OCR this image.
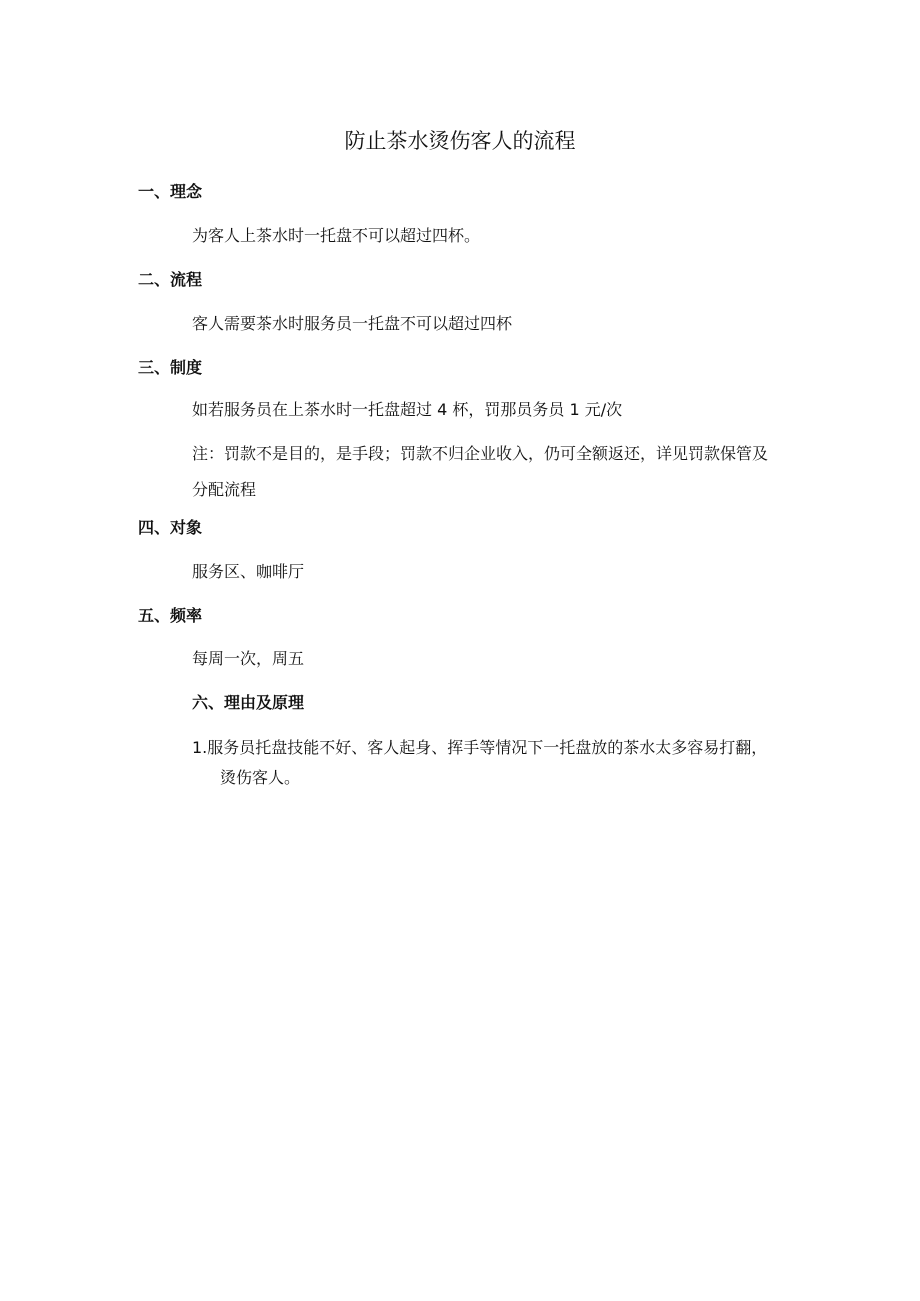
防止茶水烫伤客人的流程
一、理念

为客人上茶水时一托盘不可以超过四杯。

二、流程

客人需要茶水时服务员一托盘不可以超过四杯

三、制度

如若服务员在上茶水时一托盘超过 4 杯，罚那员务员 1 元/次

注：罚款不是目的，是手段；罚款不归企业收入，仍可全额返还，详见罚款保管及分配流程

四、对象

服务区、咖啡厅

五、频率

每周一次，周五

六、理由及原理

1.服务员托盘技能不好、客人起身、挥手等情况下一托盘放的茶水太多容易打翻，烫伤客人。
